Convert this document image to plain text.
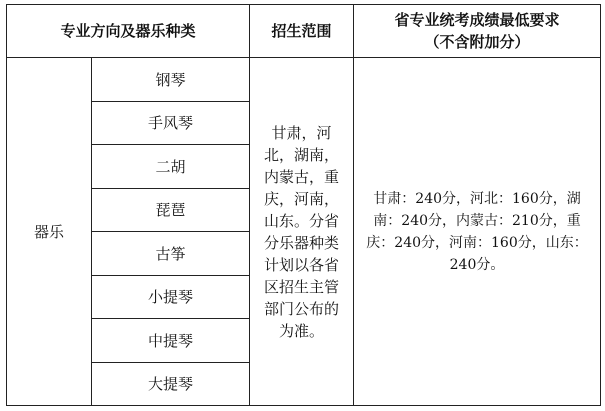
专业方向及器乐种类		招生范围	省专业统考成绩最低要求
（不含附加分）

器乐	钢琴	甘肃，河北，湖南，内蒙古，重庆，河南，山东。分省分乐器种类计划以各省区招生主管部门公布的为准。	甘肃：240分，河北：160分，湖南：240分，内蒙古：210分，重庆：240分，河南：160分，山东：240分。
	手风琴		
	二胡		
	琵琶		
	古筝		
	小提琴		
	中提琴		
	大提琴		
